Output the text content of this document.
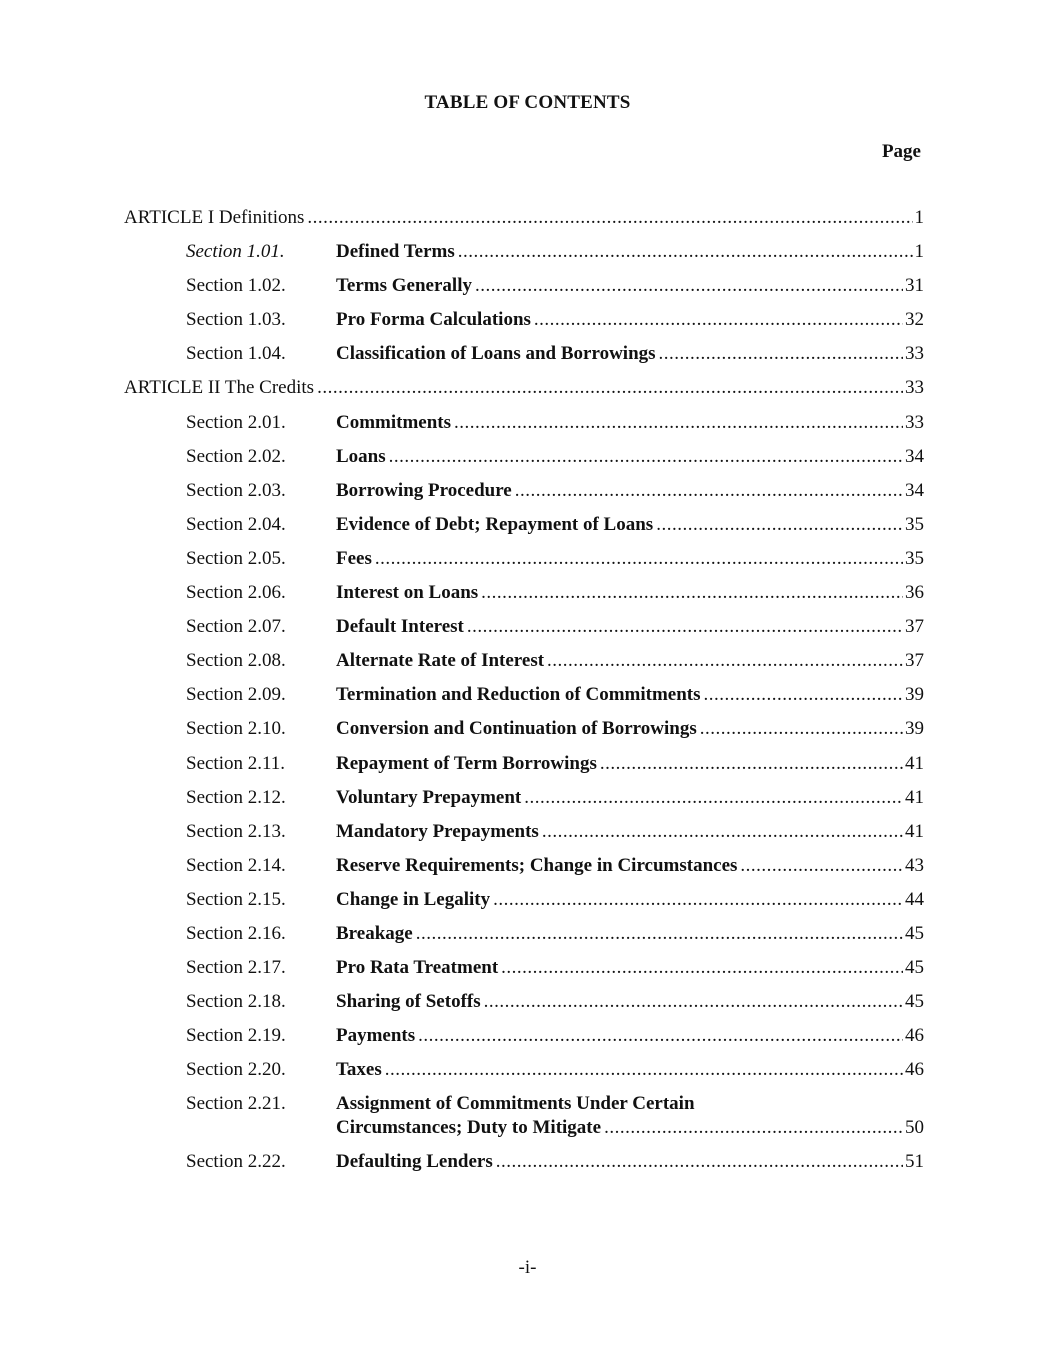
TABLE OF CONTENTS
Page
ARTICLE I Definitions .....	1
Section 1.01.	Defined Terms .....	1
Section 1.02.	Terms Generally .....	31
Section 1.03.	Pro Forma Calculations .....	32
Section 1.04.	Classification of Loans and Borrowings .....	33
ARTICLE II The Credits .....	33
Section 2.01.	Commitments .....	33
Section 2.02.	Loans .....	34
Section 2.03.	Borrowing Procedure .....	34
Section 2.04.	Evidence of Debt; Repayment of Loans .....	35
Section 2.05.	Fees .....	35
Section 2.06.	Interest on Loans .....	36
Section 2.07.	Default Interest .....	37
Section 2.08.	Alternate Rate of Interest .....	37
Section 2.09.	Termination and Reduction of Commitments .....	39
Section 2.10.	Conversion and Continuation of Borrowings .....	39
Section 2.11.	Repayment of Term Borrowings .....	41
Section 2.12.	Voluntary Prepayment .....	41
Section 2.13.	Mandatory Prepayments .....	41
Section 2.14.	Reserve Requirements; Change in Circumstances .....	43
Section 2.15.	Change in Legality .....	44
Section 2.16.	Breakage .....	45
Section 2.17.	Pro Rata Treatment .....	45
Section 2.18.	Sharing of Setoffs .....	45
Section 2.19.	Payments .....	46
Section 2.20.	Taxes .....	46
Section 2.21.	Assignment of Commitments Under Certain
Circumstances; Duty to Mitigate .....	50
Section 2.22.	Defaulting Lenders .....	51
-i-
